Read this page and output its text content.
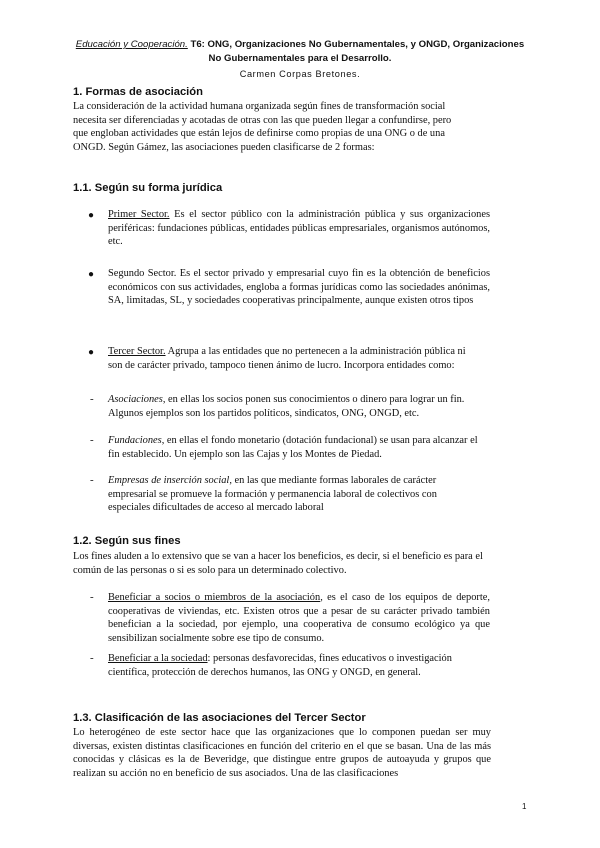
Educación y Cooperación. T6: ONG, Organizaciones No Gubernamentales, y ONGD, Organizaciones
No Gubernamentales para el Desarrollo.
Carmen Corpas Bretones.
1. Formas de asociación

La consideración de la actividad humana organizada según fines de transformación social necesita ser diferenciadas y acotadas de otras con las que pueden llegar a confundirse, pero que engloban actividades que están lejos de definirse como propias de una ONG o de una ONGD. Según Gámez, las asociaciones pueden clasificarse de 2 formas:

1.1. Según su forma jurídica
● Primer Sector. Es el sector público con la administración pública y sus organizaciones periféricas: fundaciones públicas, entidades públicas empresariales, organismos autónomos, etc.

● Segundo Sector. Es el sector privado y empresarial cuyo fin es la obtención de beneficios económicos con sus actividades, engloba a formas jurídicas como las sociedades anónimas, SA, limitadas, SL, y sociedades cooperativas principalmente, aunque existen otros tipos

● Tercer Sector. Agrupa a las entidades que no pertenecen a la administración pública ni son de carácter privado, tampoco tienen ánimo de lucro. Incorpora entidades como:

- Asociaciones, en ellas los socios ponen sus conocimientos o dinero para lograr un fin. Algunos ejemplos son los partidos políticos, sindicatos, ONG, ONGD, etc.

- Fundaciones, en ellas el fondo monetario (dotación fundacional) se usan para alcanzar el fin establecido. Un ejemplo son las Cajas y los Montes de Piedad.

- Empresas de inserción social, en las que mediante formas laborales de carácter empresarial se promueve la formación y permanencia laboral de colectivos con especiales dificultades de acceso al mercado laboral

1.2. Según sus fines

Los fines aluden a lo extensivo que se van a hacer los beneficios, es decir, si el beneficio es para el común de las personas o si es solo para un determinado colectivo.

- Beneficiar a socios o miembros de la asociación, es el caso de los equipos de deporte, cooperativas de viviendas, etc. Existen otros que a pesar de su carácter privado también benefician a la sociedad, por ejemplo, una cooperativa de consumo ecológico ya que sensibilizan socialmente sobre ese tipo de consumo.

- Beneficiar a la sociedad: personas desfavorecidas, fines educativos o investigación científica, protección de derechos humanos, las ONG y ONGD, en general.

1.3. Clasificación de las asociaciones del Tercer Sector

Lo heterogéneo de este sector hace que las organizaciones que lo componen puedan ser muy diversas, existen distintas clasificaciones en función del criterio en el que se basan. Una de las más conocidas y clásicas es la de Beveridge, que distingue entre grupos de autoayuda y grupos que realizan su acción no en beneficio de sus asociados. Una de las clasificaciones

1
